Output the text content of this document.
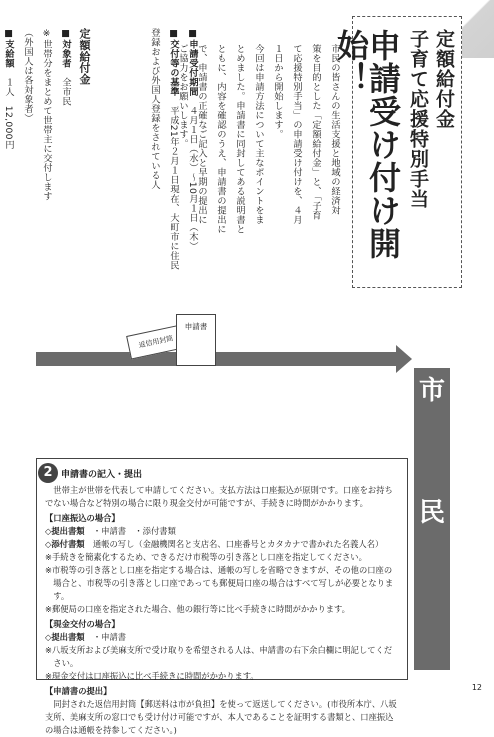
定額給付金
子育て応援特別手当
申請受け付け開始！
市民の皆さんの生活支援と地域の経済対
策を目的とした「定額給付金」と、「子育
て応援特別手当」の申請受け付けを、４月
１日から開始します。
今回は申請方法について主なポイントをま
とめました。申請書に同封してある説明書と
ともに、内容を確認のうえ、申請書の提出に
で、申請書の正確なご記入と早期の提出に
ご協力をお願いします。 ■申請受付期間　４月１日（水）～10月１日（木）
■交付等の基準　平成21年２月１日現在、大町市に住民登録および外国人登録をされている人
定額給付金
■対象者　全市民
※世帯分をまとめて世帯主に交付します
（外国人は各対象者）
■支給額　１人　12,000円
返信用封筒
申請書
市
民
申請書の記入・提出
世帯主が世帯を代表して申請してください。支払方法は口座振込が原則です。口座をお持ちでない場合など特別の場合に限り現金交付が可能ですが、手続きに時間がかかります。
【口座振込の場合】
◇提出書類　 ・申請書　・添付書類
◇添付書類　 通帳の写し（金融機関名と支店名、口座番号とカタカナで書かれた名義人名）
※手続きを簡素化するため、できるだけ市税等の引き落とし口座を指定してください。
※市税等の引き落とし口座を指定する場合は、通帳の写しを省略できますが、その他の口座の場合と、市税等の引き落とし口座であっても郵便局口座の場合はすべて写しが必要となります。
※郵便局の口座を指定された場合、他の銀行等に比べ手続きに時間がかかります。
【現金交付の場合】
◇提出書類　 ・申請書
※八坂支所および美麻支所で受け取りを希望される人は、申請書の右下余白欄に明記してください。
※現金交付は口座振込に比べ手続きに時間がかかります。
【申請書の提出】
同封された返信用封筒【郵送料は市が負担】を使って返送してください。(市役所本庁、八坂支所、美麻支所の窓口でも受け付け可能ですが、本人であることを証明する書類と、口座振込の場合は通帳を持参してください。)
2
12
